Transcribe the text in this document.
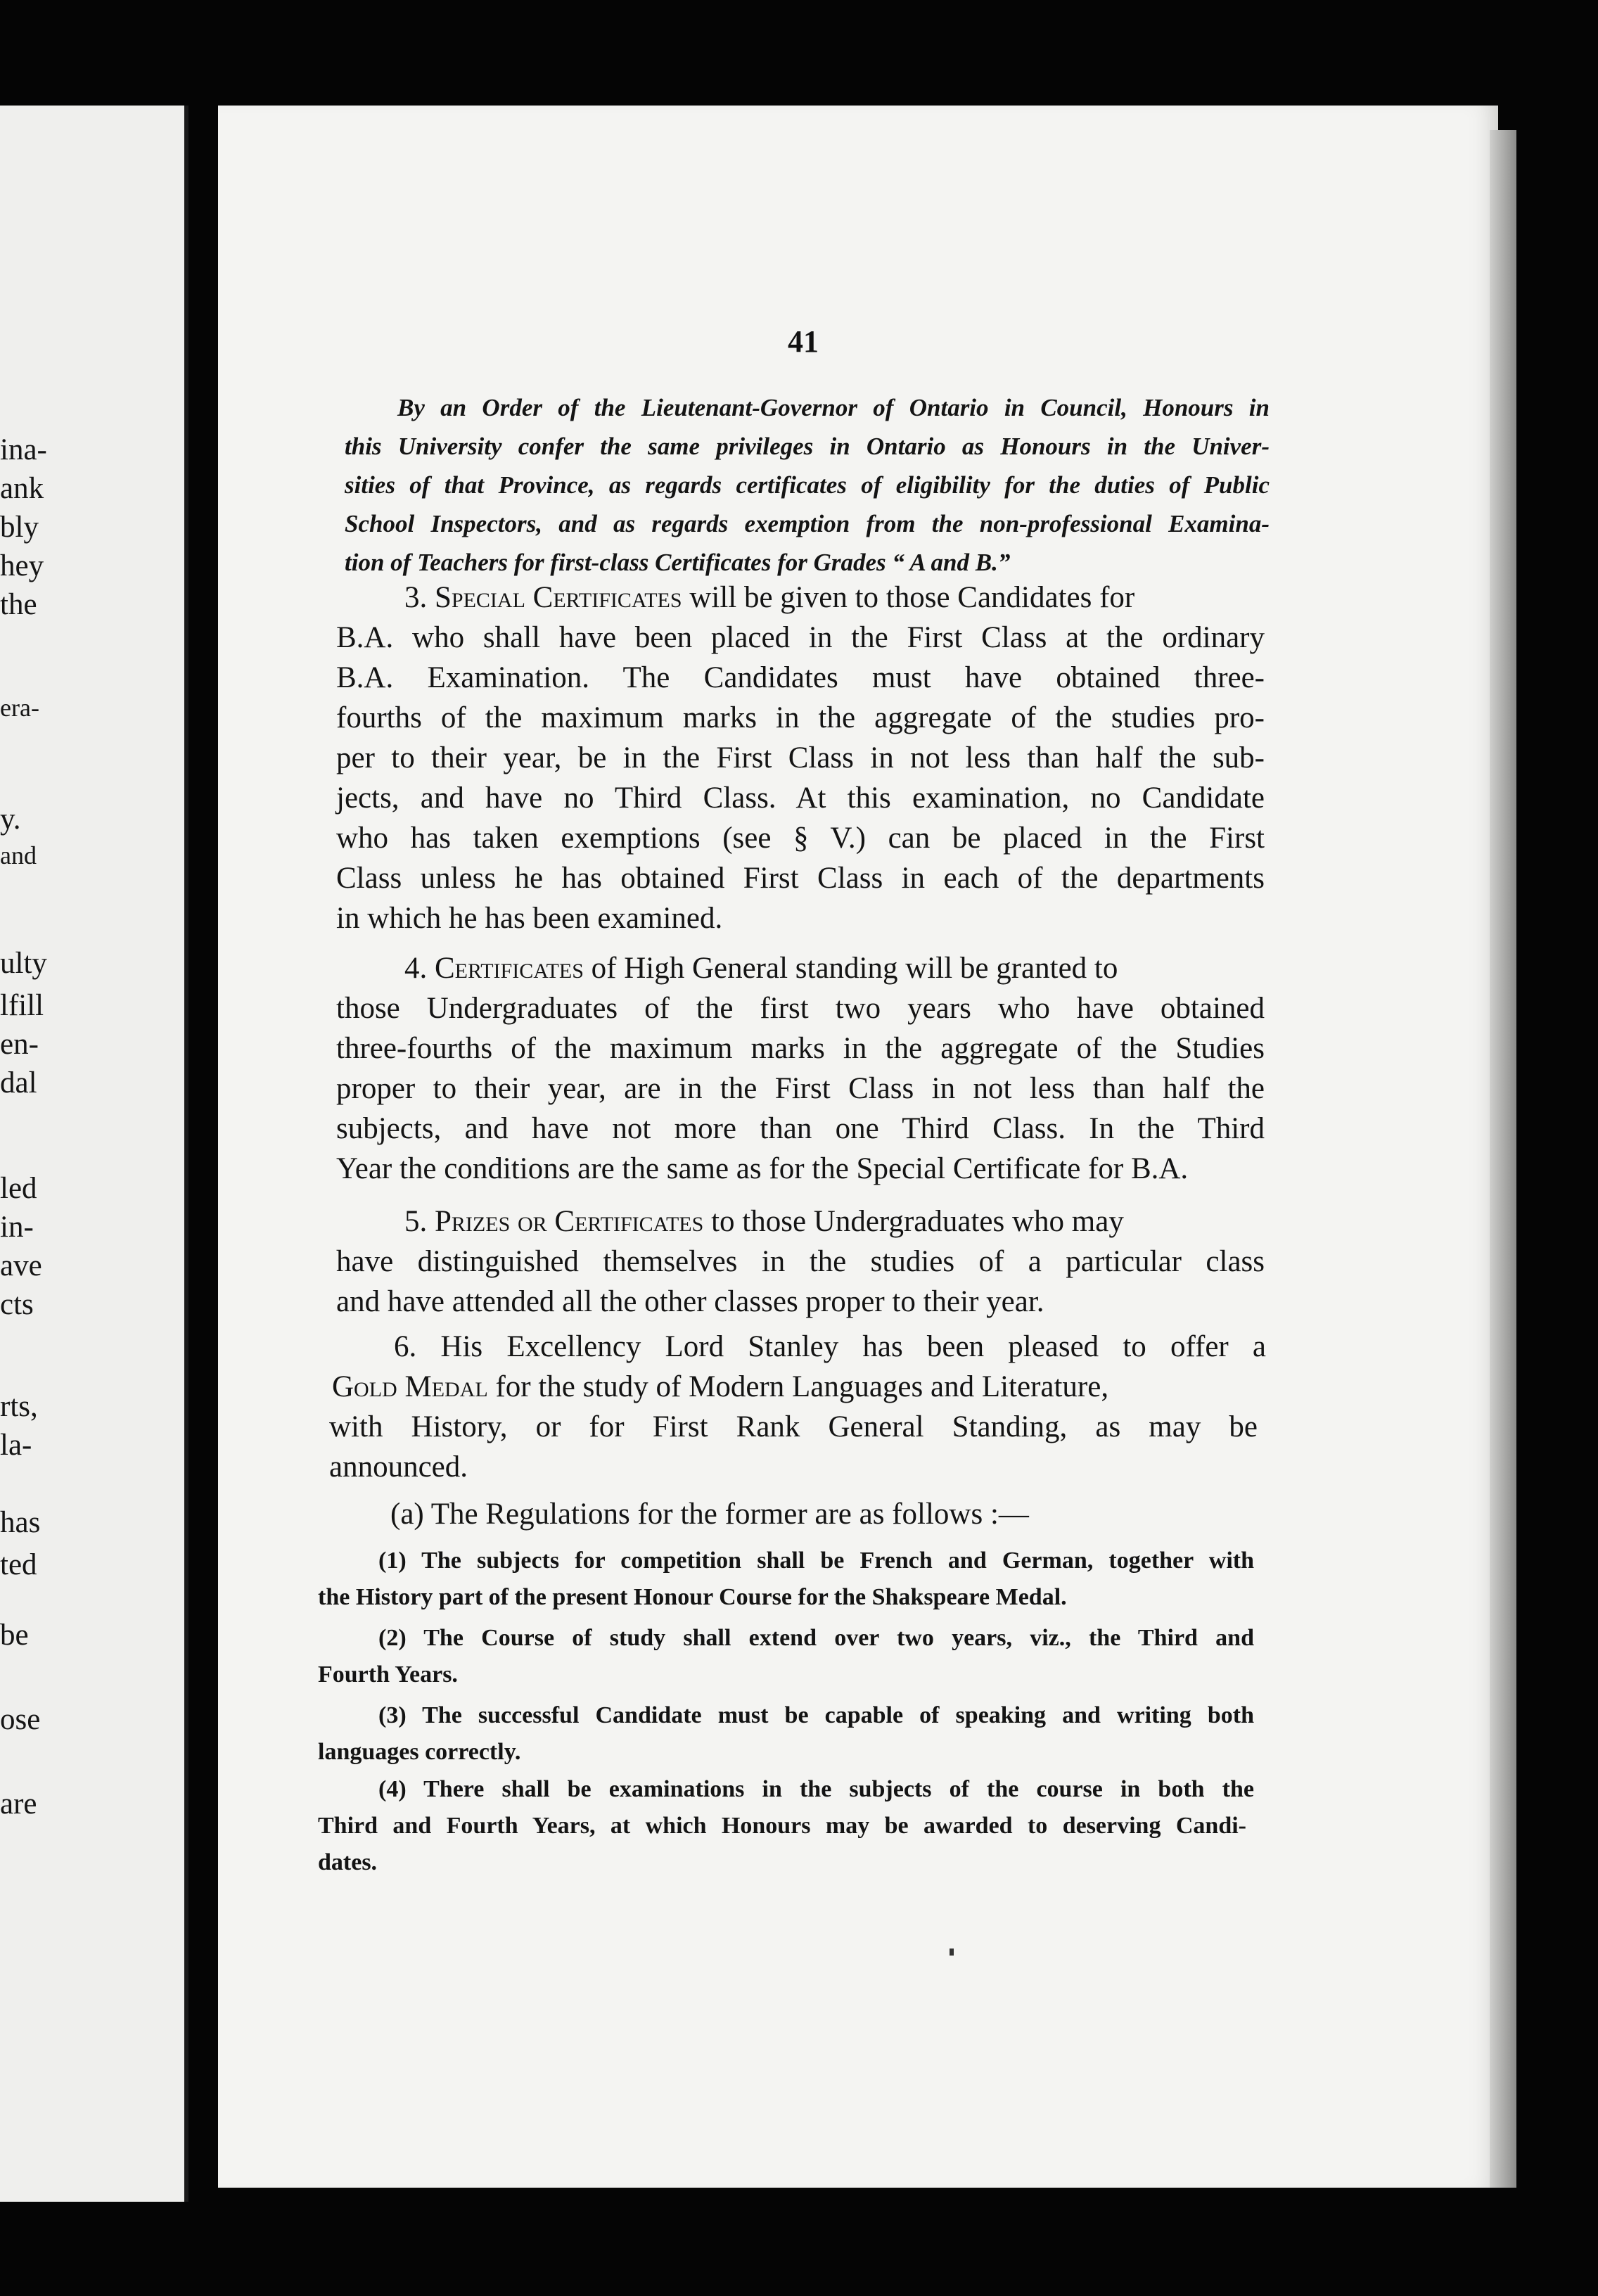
41
By an Order of the Lieutenant-Governor of Ontario in Council, Honours in
this University confer the same privileges in Ontario as Honours in the Univer-
sities of that Province, as regards certificates of eligibility for the duties of Public
School Inspectors, and as regards exemption from the non-professional Examina-
tion of Teachers for first-class Certificates for Grades “ A and B.”
3. Special Certificates will be given to those Candidates for
B.A. who shall have been placed in the First Class at the ordinary
B.A. Examination. The Candidates must have obtained three-
fourths of the maximum marks in the aggregate of the studies pro-
per to their year, be in the First Class in not less than half the sub-
jects, and have no Third Class. At this examination, no Candidate
who has taken exemptions (see § V.) can be placed in the First
Class unless he has obtained First Class in each of the departments
in which he has been examined.
4. Certificates of High General standing will be granted to
those Undergraduates of the first two years who have obtained
three-fourths of the maximum marks in the aggregate of the Studies
proper to their year, are in the First Class in not less than half the
subjects, and have not more than one Third Class. In the Third
Year the conditions are the same as for the Special Certificate for B.A.
5. Prizes or Certificates to those Undergraduates who may
have distinguished themselves in the studies of a particular class
and have attended all the other classes proper to their year.
6. His Excellency Lord Stanley has been pleased to offer a
Gold Medal for the study of Modern Languages and Literature,
with History, or for First Rank General Standing, as may be
announced.
(a) The Regulations for the former are as follows :—
(1) The subjects for competition shall be French and German, together with
the History part of the present Honour Course for the Shakspeare Medal.
(2) The Course of study shall extend over two years, viz., the Third and
Fourth Years.
(3) The successful Candidate must be capable of speaking and writing both
languages correctly.
(4) There shall be examinations in the subjects of the course in both the
Third and Fourth Years, at which Honours may be awarded to deserving Candi-
dates.
ina-
ank
bly
hey
the
era-
y.
and
ulty
lfill
en-
dal
led
in-
ave
cts
rts,
la-
has
ted
be
ose
are
